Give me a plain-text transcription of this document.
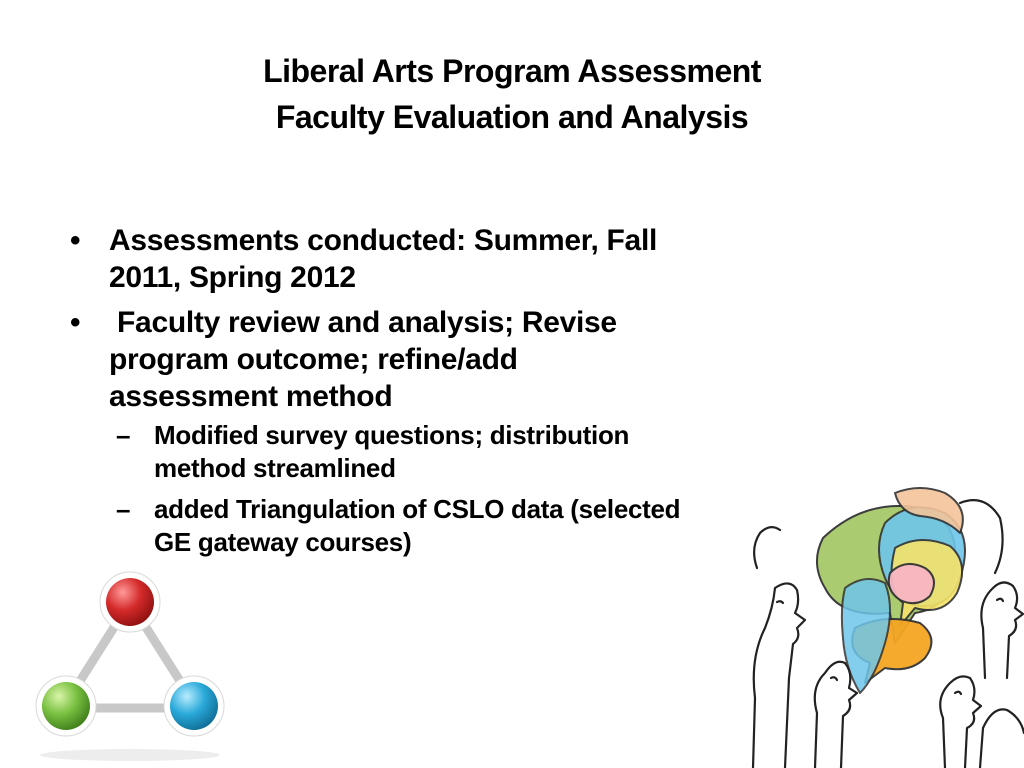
Liberal Arts Program Assessment
Faculty Evaluation and Analysis
• Assessments conducted: Summer, Fall
2011, Spring 2012
• Faculty review and analysis; Revise
program outcome; refine/add
assessment method
– Modified survey questions; distribution
method streamlined
– added Triangulation of CSLO data (selected
GE gateway courses)
